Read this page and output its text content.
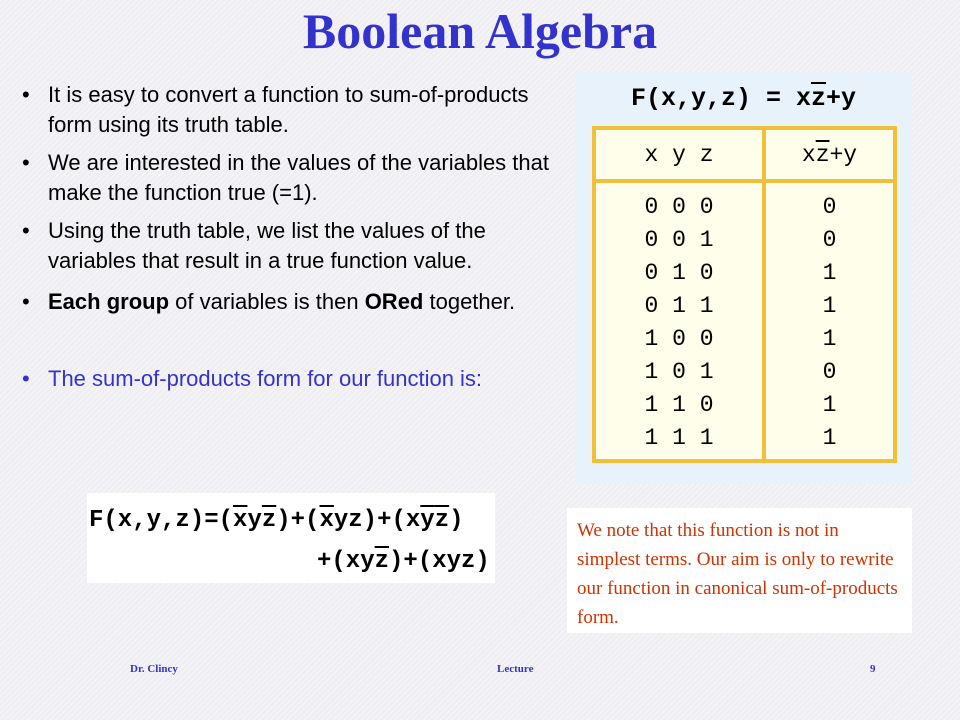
Boolean Algebra
• It is easy to convert a function to sum-of-products form using its truth table.
• We are interested in the values of the variables that make the function true (=1).
• Using the truth table, we list the values of the variables that result in a true function value.
• Each group of variables is then ORed together.
• The sum-of-products form for our function is:
$F(x,y,z) = x\overline{z}+y$
x y z	$x\overline{z}+y$
0 0 0	0
0 0 1	0
0 1 0	1
0 1 1	1
1 0 0	1
1 0 1	0
1 1 0	1
1 1 1	1
$F(x,y,z)=(\overline{x}y\overline{z})+(\overline{x}yz)+(x\overline{y}\overline{z})$
$+(xy\overline{z})+(xyz)$
We note that this function is not in simplest terms. Our aim is only to rewrite our function in canonical sum-of-products form.
Dr. Clincy	Lecture	9
